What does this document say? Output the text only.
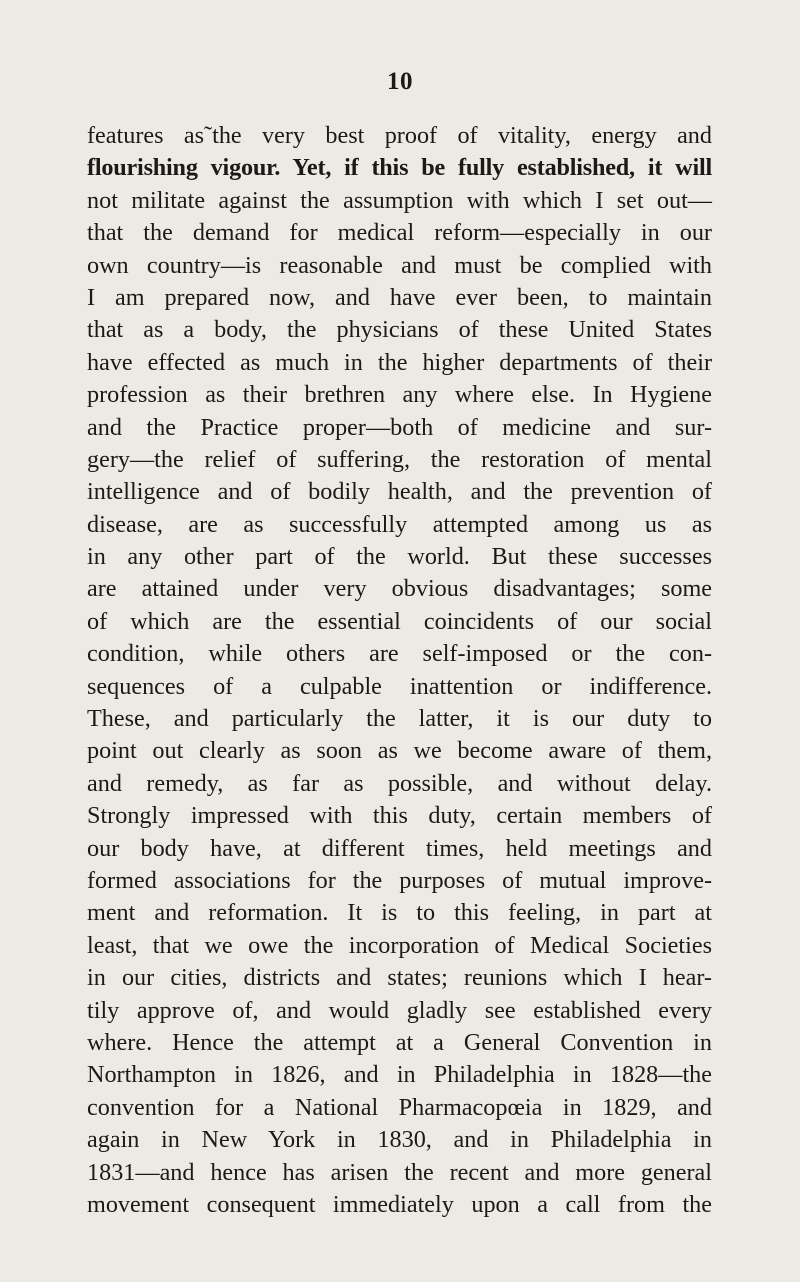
10
features as˜the very best proof of vitality, energy and
flourishing vigour. Yet, if this be fully established, it will
not militate against the assumption with which I set out—
that the demand for medical reform—especially in our
own country—is reasonable and must be complied with
I am prepared now, and have ever been, to maintain
that as a body, the physicians of these United States
have effected as much in the higher departments of their
profession as their brethren any where else. In Hygiene
and the Practice proper—both of medicine and sur-
gery—the relief of suffering, the restoration of mental
intelligence and of bodily health, and the prevention of
disease, are as successfully attempted among us as
in any other part of the world. But these successes
are attained under very obvious disadvantages; some
of which are the essential coincidents of our social
condition, while others are self-imposed or the con-
sequences of a culpable inattention or indifference.
These, and particularly the latter, it is our duty to
point out clearly as soon as we become aware of them,
and remedy, as far as possible, and without delay.
Strongly impressed with this duty, certain members of
our body have, at different times, held meetings and
formed associations for the purposes of mutual improve-
ment and reformation. It is to this feeling, in part at
least, that we owe the incorporation of Medical Societies
in our cities, districts and states; reunions which I hear-
tily approve of, and would gladly see established every
where. Hence the attempt at a General Convention in
Northampton in 1826, and in Philadelphia in 1828—the
convention for a National Pharmacopœia in 1829, and
again in New York in 1830, and in Philadelphia in
1831—and hence has arisen the recent and more general
movement consequent immediately upon a call from the
